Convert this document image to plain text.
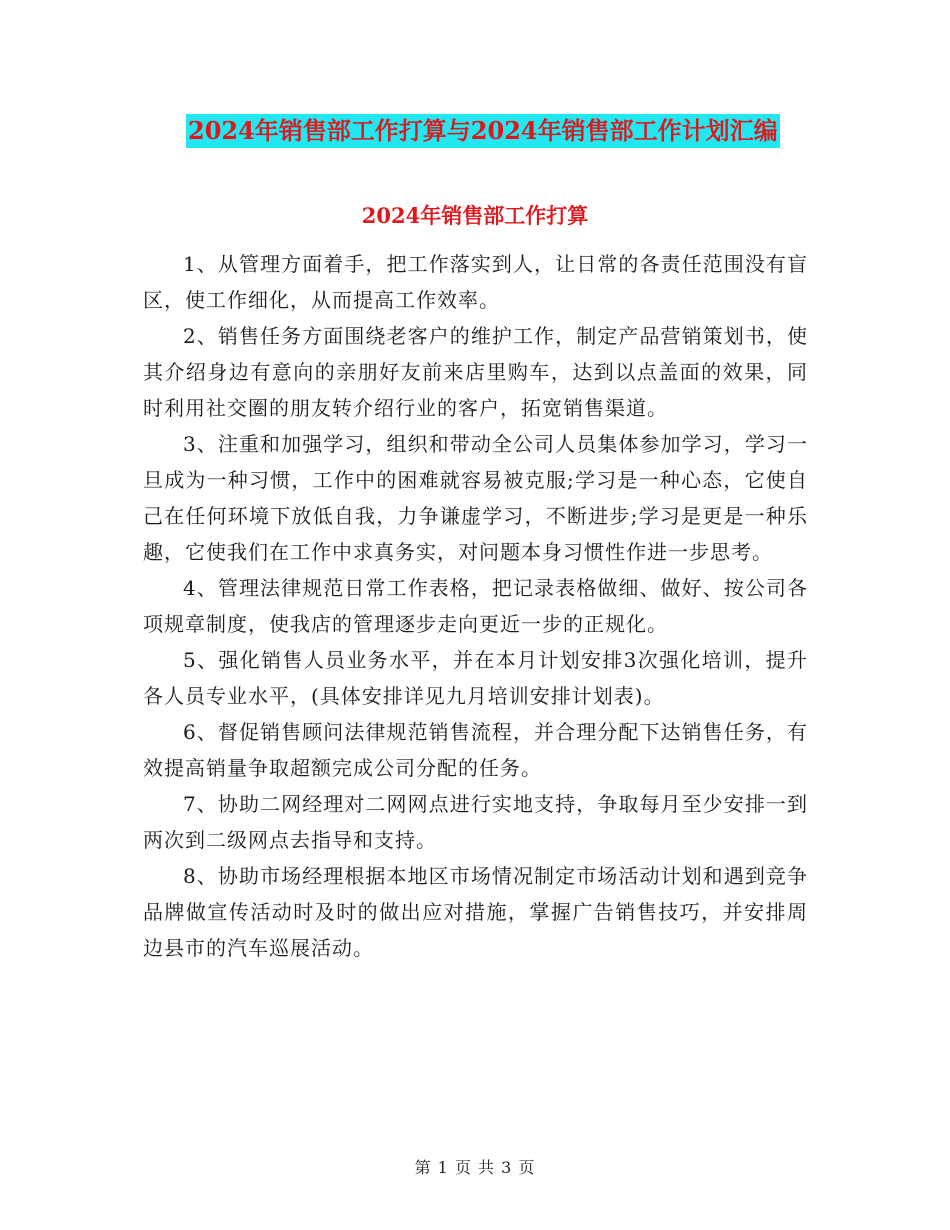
2024年销售部工作打算与2024年销售部工作计划汇编
2024年销售部工作打算

1、从管理方面着手，把工作落实到人，让日常的各责任范围没有盲区，使工作细化，从而提高工作效率。

2、销售任务方面围绕老客户的维护工作，制定产品营销策划书，使其介绍身边有意向的亲朋好友前来店里购车，达到以点盖面的效果，同时利用社交圈的朋友转介绍行业的客户，拓宽销售渠道。

3、注重和加强学习，组织和带动全公司人员集体参加学习，学习一旦成为一种习惯，工作中的困难就容易被克服;学习是一种心态，它使自己在任何环境下放低自我，力争谦虚学习，不断进步;学习是更是一种乐趣，它使我们在工作中求真务实，对问题本身习惯性作进一步思考。

4、管理法律规范日常工作表格，把记录表格做细、做好、按公司各项规章制度，使我店的管理逐步走向更近一步的正规化。

5、强化销售人员业务水平，并在本月计划安排3次强化培训，提升各人员专业水平，(具体安排详见九月培训安排计划表)。

6、督促销售顾问法律规范销售流程，并合理分配下达销售任务，有效提高销量争取超额完成公司分配的任务。

7、协助二网经理对二网网点进行实地支持，争取每月至少安排一到两次到二级网点去指导和支持。

8、协助市场经理根据本地区市场情况制定市场活动计划和遇到竞争品牌做宣传活动时及时的做出应对措施，掌握广告销售技巧，并安排周边县市的汽车巡展活动。

第 1 页 共 3 页
